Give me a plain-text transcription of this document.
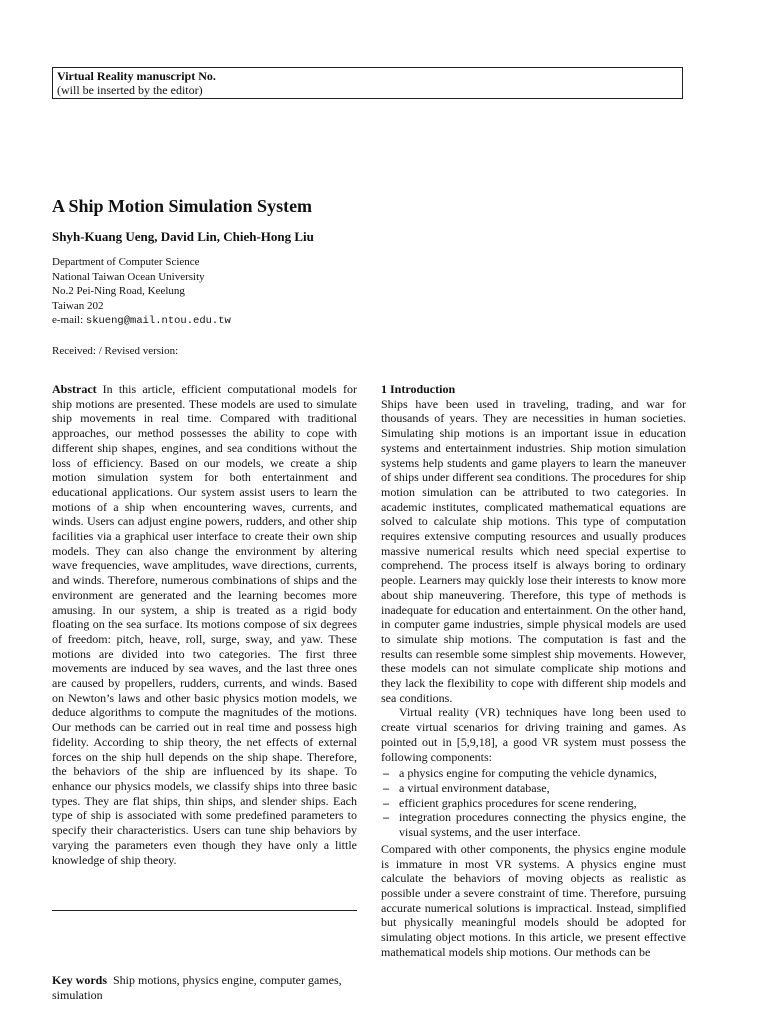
Virtual Reality manuscript No.
(will be inserted by the editor)
A Ship Motion Simulation System

Shyh-Kuang Ueng, David Lin, Chieh-Hong Liu

Department of Computer Science
National Taiwan Ocean University
No.2 Pei-Ning Road, Keelung
Taiwan 202
e-mail: skueng@mail.ntou.edu.tw
Received: / Revised version:

Abstract In this article, efficient computational models for ship motions are presented. These models are used to simulate ship movements in real time. Compared with traditional approaches, our method possesses the ability to cope with different ship shapes, engines, and sea conditions without the loss of efficiency. Based on our models, we create a ship motion simulation system for both entertainment and educational applications. Our system assist users to learn the motions of a ship when encountering waves, currents, and winds. Users can adjust engine powers, rudders, and other ship facilities via a graphical user interface to create their own ship models. They can also change the environment by altering wave frequencies, wave amplitudes, wave directions, currents, and winds. Therefore, numerous combinations of ships and the environment are generated and the learning becomes more amusing. In our system, a ship is treated as a rigid body floating on the sea surface. Its motions compose of six degrees of freedom: pitch, heave, roll, surge, sway, and yaw. These motions are divided into two categories. The first three movements are induced by sea waves, and the last three ones are caused by propellers, rudders, currents, and winds. Based on Newton’s laws and other basic physics motion models, we deduce algorithms to compute the magnitudes of the motions. Our methods can be carried out in real time and possess high fidelity. According to ship theory, the net effects of external forces on the ship hull depends on the ship shape. Therefore, the behaviors of the ship are influenced by its shape. To enhance our physics models, we classify ships into three basic types. They are flat ships, thin ships, and slender ships. Each type of ship is associated with some predefined parameters to specify their characteristics. Users can tune ship behaviors by varying the parameters even though they have only a little knowledge of ship theory.

Key words Ship motions, physics engine, computer games, simulation

1 Introduction

Ships have been used in traveling, trading, and war for thousands of years. They are necessities in human societies. Simulating ship motions is an important issue in education systems and entertainment industries. Ship motion simulation systems help students and game players to learn the maneuver of ships under different sea conditions. The procedures for ship motion simulation can be attributed to two categories. In academic institutes, complicated mathematical equations are solved to calculate ship motions. This type of computation requires extensive computing resources and usually produces massive numerical results which need special expertise to comprehend. The process itself is always boring to ordinary people. Learners may quickly lose their interests to know more about ship maneuvering. Therefore, this type of methods is inadequate for education and entertainment. On the other hand, in computer game industries, simple physical models are used to simulate ship motions. The computation is fast and the results can resemble some simplest ship movements. However, these models can not simulate complicate ship motions and they lack the flexibility to cope with different ship models and sea conditions.

Virtual reality (VR) techniques have long been used to create virtual scenarios for driving training and games. As pointed out in [5,9,18], a good VR system must possess the following components:

– a physics engine for computing the vehicle dynamics,
– a virtual environment database,
– efficient graphics procedures for scene rendering,
– integration procedures connecting the physics engine, the visual systems, and the user interface.

Compared with other components, the physics engine module is immature in most VR systems. A physics engine must calculate the behaviors of moving objects as realistic as possible under a severe constraint of time. Therefore, pursuing accurate numerical solutions is impractical. Instead, simplified but physically meaningful models should be adopted for simulating object motions. In this article, we present effective mathematical models ship motions. Our methods can be
